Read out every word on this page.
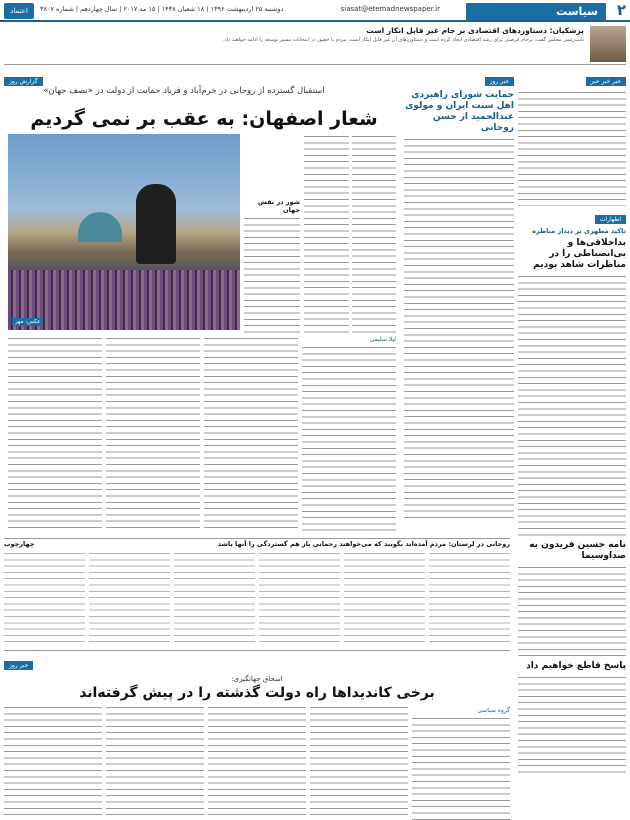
۲
سیاست
siasat@etemadnewspaper.ir
دوشنبه ۲۵ اردیبهشت ۱۳۹۶ | ۱۸ شعبان ۱۴۳۸ | ۱۵ مه ۲۰۱۷ | سال چهاردهم | شماره ۳۸۰۷
اعتماد
پزشکیان: دستاوردهای اقتصادی بر جام غیر قابل انکار است
نایب‌رئیس مجلس گفت: برجام فرصتی برای رشد اقتصادی ایجاد کرده است و دستاوردهای آن غیر قابل انکار است. مردم با حضور در انتخابات مسیر توسعه را ادامه خواهند داد.
خبر خبر خبر
اظهارات
تاکید مطهری بر دیدار مناظره
بداخلاقی‌ها و بی‌انضباطی را در مناظرات شاهد بودیم
نامه حسین فریدون به صداوسیما
پاسخ قاطع خواهیم داد
خبر روز
حمایت شورای راهبردی اهل سنت ایران و مولوی عبدالحمید از حسن روحانی
گزارش روز
استقبال گسترده از روحانی در خرم‌آباد و فریاد حمایت از دولت در «نصف جهان»
شعار اصفهان: به عقب بر نمی گردیم
عکس: مهر
شور در نقش جهان
لیلا سلیمی
روحانی در لرستان: مردم آمده‌اند بگویند که می‌خواهند رحمانی باز هم گستردگی را آنها باشد
چهارچوب
خبر روز
اسحاق جهانگیری:
برخی کاندیداها راه دولت گذشته را در پیش گرفته‌اند
گروه سیاسی
